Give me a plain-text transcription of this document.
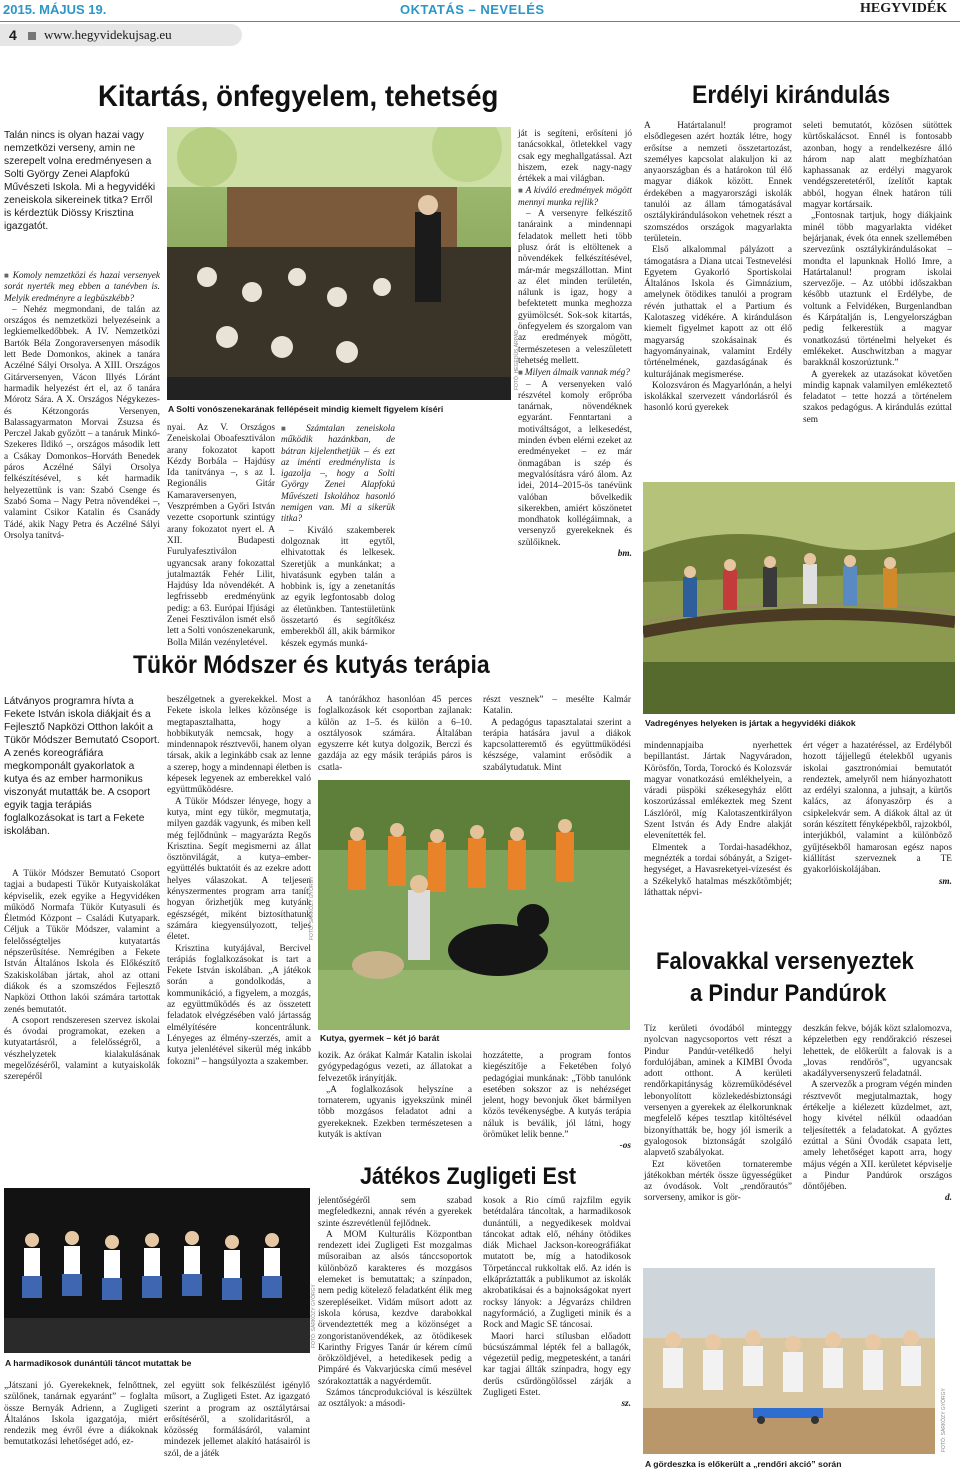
2015. MÁJUS 19.	OKTATÁS – NEVELÉS	HEGYVIDÉK
4 www.hegyvidekujsag.eu
Kitartás, önfegyelem, tehetség
Talán nincs is olyan hazai vagy nemzetközi verseny, amin ne szerepelt volna eredményesen a Solti György Zenei Alapfokú Művészeti Iskola. Mi a hegyvidéki zeneiskola sikereinek titka? Erről is kérdeztük Diössy Krisztina igazgatót.

■ Komoly nemzetközi és hazai versenyek sorát nyerték meg ebben a tanévben is. Melyik eredményre a legbüszkébb?

– Nehéz megmondani, de talán az országos és nemzetközi helyezéseink a legkiemelkedőbbek. A IV. Nemzetközi Bartók Béla Zongoraversenyen második lett Bede Domonkos, akinek a tanára Aczélné Sályi Orsolya. A XIII. Országos Gitárversenyen, Vácon Illyés Lóránt harmadik helyezést ért el, az ő tanára Mórotz Sára. A X. Országos Négykezes- és Kétzongorás Versenyen, Balassagyarmaton Morvai Zsuzsa és Perczel Jakab győzött – a tanáruk Minkó-Szekeres Ildikó –, országos második lett a Csákay Domonkos–Horváth Benedek páros Aczélné Sályi Orsolya felkészítésével, s két harmadik helyezettünk is van: Szabó Csenge és Szabó Soma – Nagy Petra növendékei –, valamint Csikor Katalin és Csanády Tádé, akik Nagy Petra és Aczélné Sályi Orsolya tanítvá-

FOTÓ: HEGEDÜS ÁRPÁD
A Solti vonószenekarának fellépéseit mindig kiemelt figyelem kíséri

nyai. Az V. Országos Zeneiskolai Oboafesztiválon arany fokozatot kapott Kézdy Borbála – Hajdúsy Ida tanítványa –, s az I. Regionális Gitár Kamaraversenyen, Veszprémben a Győri István vezette csoportunk szintúgy arany fokozatot nyert el. A XII. Budapesti Furulyafesztiválon ugyancsak arany fokozattal jutalmazták Fehér Lilit, Hajdúsy Ida növendékét. A legfrissebb eredményünk pedig: a 63. Európai Ifjúsági Zenei Fesztiválon ismét első lett a Solti vonószenekarunk, Bolla Milán vezényletével.

■ Számtalan zeneiskola működik hazánkban, de bátran kijelenthetjük – és ezt az iménti eredménylista is igazolja –, hogy a Solti György Zenei Alapfokú Művészeti Iskolához hasonló nemigen van. Mi a sikerük titka?

– Kiváló szakemberek dolgoznak itt egytől, elhivatottak és lelkesek. Szeretjük a munkánkat; a hivatásunk egyben talán a hobbink is, így a zenetanítás az egyik legfontosabb dolog az életünkben. Tantestületünk összetartó és segítőkész emberekből áll, akik bármikor készek egymás munká-

ját is segíteni, erősíteni jó tanácsokkal, ötletekkel vagy csak egy meghallgatással. Azt hiszem, ezek nagy-nagy értékek a mai világban.

■ A kiváló eredmények mögött mennyi munka rejlik?

– A versenyre felkészítő tanáraink a mindennapi feladatok mellett heti több plusz órát is eltöltenek a növendékek felkészítésével, már-már megszállottan. Mint az élet minden területén, nálunk is igaz, hogy a befektetett munka meghozza gyümölcsét. Sok-sok kitartás, önfegyelem és szorgalom van az eredmények mögött, természetesen a veleszületett tehetség mellett.

■ Milyen álmaik vannak még?

– A versenyeken való részvétel komoly erőpróba tanárnak, növendéknek egyaránt. Fenntartani a motiváltságot, a lelkesedést, minden évben elérni ezeket az eredményeket – ez már önmagában is szép és megvalósításra váró álom. Az idei, 2014–2015-ös tanévünk valóban bővelkedik sikerekben, amiért köszönetet mondhatok kollégáimnak, a versenyző gyerekeknek és szülőiknek.

bm.

Erdélyi kirándulás

A Határtalanul! programot elsődlegesen azért hozták létre, hogy erősítse a nemzeti összetartozást, személyes kapcsolat alakuljon ki az anyaországban és a határokon túl élő magyar diákok között. Ennek érdekében a magyarországi iskolák tanulói az állam támogatásával osztálykirándulásokon vehetnek részt a szomszédos országok magyarlakta területein.

Első alkalommal pályázott a támogatásra a Diana utcai Testnevelési Egyetem Gyakorló Sportiskolai Általános Iskola és Gimnázium, amelynek ötödikes tanulói a program révén juthattak el a Partium és Kalotaszeg vidékére. A kiránduláson kiemelt figyelmet kapott az ott élő magyarság szokásainak és hagyományainak, valamint Erdély történelmének, gazdaságának és kulturájának megismerése.

Kolozsváron és Magyarlónán, a helyi iskolákkal szervezett vándorlásról és hasonló korú gyerekek

seleti bemutatót, közösen sütöttek kürtőskalácsot. Ennél is fontosabb azonban, hogy a rendelkezésre álló három nap alatt megbízhatóan kaphassanak az erdélyi magyarok vendégszeretetéről, ízelítőt kaptak abból, hogyan élnek határon túli magyar kortársaik.

„Fontosnak tartjuk, hogy diákjaink minél több magyarlakta vidéket bejárjanak, évek óta ennek szellemében szervezünk osztálykirándulásokat – mondta el lapunknak Holló Imre, a Határtalanul! program iskolai szervezője. – Az utóbbi időszakban később utaztunk el Erdélybe, de voltunk a Felvidéken, Burgenlandban és Kárpátalján is, Lengyelországban pedig felkerestük a magyar vonatkozású történelmi helyeket és emlékeket. Auschwitzban a magyar barakknál koszorúztunk.”

A gyerekek az utazásokat követően mindig kapnak valamilyen emlékeztető feladatot – tette hozzá a történelem szakos pedagógus. A kirándulás ezúttal sem

Vadregényes helyeken is jártak a hegyvidéki diákok

mindennapjaiba nyerhettek bepillantást. Jártak Nagyváradon, Körösfőn, Torda, Torockó és Kolozsvár magyar vonatkozású emlékhelyein, a váradi püspöki székesegyház előtt koszorúzással emlékeztek meg Szent Lászlóról, míg Kalotaszentkirályon Szent István és Ady Endre alakját elevenítették fel.

Elmentek a Tordai-hasadékhoz, megnézték a tordai sóbányát, a Sziget-hegységet, a Havasreketyei-vízesést és a Székelykő hatalmas mészkőtömbjét; láthattak népvi-

ért végeт a hazatéréssel, az Erdélyből hozott tájjellegű ételekből ugyanis iskolai gasztronómiai bemutatót rendeztek, amelyről nem hiányozhatott az erdélyi szalonna, a juhsajt, a kürtős kalács, az áfonyaszörp és a csipkelekvár sem. A diákok által az út során készített fényképekből, rajzokból, interjúkból, valamint a különböző gyűjtésekből hamarosan egész napos kiállítást szerveznek a TE gyakorlóiskolájában.

sm.

Tükör Módszer és kutyás terápia
Látványos programra hívta a Fekete István iskola diákjait és a Fejlesztő Napközi Otthon lakóit a Tükör Módszer Bemutató Csoport. A zenés koreográfiára megkomponált gyakorlatok a kutya és az ember harmonikus viszonyát mutatták be. A csoport egyik tagja terápiás foglalkozásokat is tart a Fekete iskolában.

A Tükör Módszer Bemutató Csoport tagjai a budapesti Tükör Kutyaiskolákat képviselik, ezek egyike a Hegyvidéken működő Normafa Tükör Kutyasuli és Életmód Központ – Családi Kutyapark. Céljuk a Tükör Módszer, valamint a felelősségteljes kutyatartás népszerűsítése. Nemrégiben a Fekete István Általános Iskola és Előkészítő Szakiskolában jártak, ahol az ottani diákok és a szomszédos Fejlesztő Napközi Otthon lakói számára tartottak zenés bemutatót.

A csoport rendszeresen szervez iskolai és óvodai programokat, ezeken a kutyatartásról, a felelősségről, a vészhelyzetek kialakulásának megelőzéséről, valamint a kutyaiskolák szerepéről

beszélgetnek a gyerekekkel. Most a Fekete iskola lelkes közönsége is megtapasztalhatta, hogy a hobbikutyák nemcsak, hogy a mindennapok résztvevői, hanem olyan társak, akik a leginkább csak az lenne a szerep, hogy a mindennapi életben is képesek legyenek az emberekkel való együttműködésre.

A Tükör Módszer lényege, hogy a kutya, mint egy tükör, megmutatja, milyen gazdák vagyunk, és miben kell még fejlődnünk – magyarázta Regős Krisztina. Segít megismerni az állat ösztönvilágát, a kutya–ember-együttélés buktatóit és az ezekre adott helyes válaszokat. A teljesen kényszermentes program arra tanít, hogyan őrizhetjük meg kutyánk egészségét, miként biztosíthatunk számára kiegyensúlyozott, teljes életet.

Krisztina kutyájával, Bercivel terápiás foglalkozásokat is tart a Fekete István iskolában. „A játékok során a gondolkodás, a kommunikáció, a figyelem, a mozgás, az együttműködés és az összetett feladatok elvégzésében való jártasság elmélyítésére koncentrálunk. Lényeges az élmény-szerzés, amit a kutya jelenlétével sikerül még inkább fokozni” – hangsúlyozta a szakember.

A tanórákhoz hasonlóan 45 perces foglalkozások két csoportban zajlanak: külön az 1–5. és külön a 6–10. osztályosok számára. Általában egyszerre két kutya dolgozik, Berczi és gazdája az egy másik terápiás páros is csatla-

FOTÓ: SÁRKÖZY GYÖRGY
Kutya, gyermek – két jó barát

kozik. Az órákat Kalmár Katalin iskolai gyógypedagógus vezeti, az állatokat a felvezetők irányítják.

„A foglalkozások helyszíne a tornaterem, ugyanis igyekszünk minél több mozgásos feladatot adni a gyerekeknek. Ezekben természetesen a kutyák is aktívan

részt vesznek” – mesélte Kalmár Katalin.

A pedagógus tapasztalatai szerint a terápia hatására javul a diákok kapcsolatteremtő és együttműködési készsége, valamint erősödik a szabálytudatuk. Mint

hozzátette, a program fontos kiegészítője a Feketében folyó pedagógiai munkának: „Több tanulónk esetében sokszor az is nehézséget jelent, hogy bevonjuk őket bármilyen közös tevékenységbe. A kutyás terápia náluk is beválik, jól látni, hogy örömüket lelik benne.”

-os

FOTÓ: SÁRKÖZY GYÖRGY
A harmadikosok dunántúli táncot mutattak be
Játékos Zugligeti Est

„Játszani jó. Gyerekeknek, felnőttnek, szülőnek, tanárnak egyaránt” – foglalta össze Bernyák Adrienn, a Zugligeti Általános Iskola igazgatója, miért rendezik meg évről évre a diákoknak bemutatkozási lehetőséget adó, ez-

zel együtt sok felkészülést igénylő műsort, a Zugligeti Estet. Az igazgató szerint a program az osztálytársai erősítéséről, a szolidaritásról, a közösség formálásáról, valamint mindezek jellemet alakító hatásairól is szól, de a játék

jelentőségéről sem szabad megfeledkezni, annak révén a gyerekek szinte észrevétlenül fejlődnek.

A MOM Kulturális Központban rendezett idei Zugligeti Est mozgalmas műsoraiban az alsós tánccsoportok különböző karakteres és mozgásos elemeket is bemutattak; a színpadon, nem pedig kötelező feladatként élik meg szerepléseiket. Vidám műsort adott az iskola kórusa, kezdve darabokkal örvendeztették meg a közönséget a zongoristanövendékek, az ötödikesek Karinthy Frigyes Tanár úr kérem című örökzöldjével, a hetedikesek pedig a Pimpáré és Vakvarjúcska című mesével szórakoztatták a nagyérdeműt.

Számos táncprodukcióval is készültek az osztályok: a másodi-

kosok a Rio című rajzfilm egyik betétdalára táncoltak, a harmadikosok dunántúli, a negyedikesek moldvai táncokat adtak elő, néhány ötödikes diák Michael Jackson-koreográfiákat mutatott be, míg a hatodikosok Törpetánccal rukkoltak elő. Az idén is elkápráztatták a publikumot az iskolák akrobatikásai és a bajnokságokat nyert rocksy lányok: a Jégvarázs children nagyformáció, a Zugligeti minik és a Rock and Magic SE táncosai.

Maori harci stílusban előadott búcsúszámmal lépték fel a ballagók, végezetül pedig, megpetesként, a tanári kar tagjai állták színpadra, hogy egy derűs csűrdöngölőssel zárják a Zugligeti Estet.

sz.

Falovakkal versenyeztek
a Pindur Pandúrok

Tíz kerületi óvodából minteggy nyolcvan nagycsoportos vett részt a Pindur Pandúr-vetélkedő helyi fordulójában, aminek a KIMBI Óvoda adott otthont. A kerületi rendőrkapitányság közreműködésével lebonyolított közlekedésbiztonsági versenyen a gyerekek az élelkorunknak megfelelő képes tesztlap kitöltésével bizonyíthatták be, hogy jól ismerik a gyalogosok biztonságát szolgáló alapvető szabályokat.

Ezt követően tornaterembe játékokban mérték össze ügyességüket az óvodások. Volt „rendőrautós” sorverseny, amikor is gör-

deszkán fekve, bóják közt szlalomozva, képzeletben egy rendőrakció részesei lehettek, de előkerült a falovak is a „lovas rendőrös”, ugyancsak akadályversenyszerű feladatnál.

A szervezők a program végén minden résztvevőt megjutalmaztak, hogy értékelje a kiélezett küzdelmet, azt, hogy kivétel nélkül odaadóan teljesítették a feladatokat. A győztes ezúttal a Süni Óvodák csapata lett, amely lehetőséget kapott arra, hogy május végén a XII. kerületet képviselje a Pindur Pandúrok országos döntőjében.

d.

FOTÓ: SÁRKÖZY GYÖRGY
A gördeszka is előkerült a „rendőri akció” során
